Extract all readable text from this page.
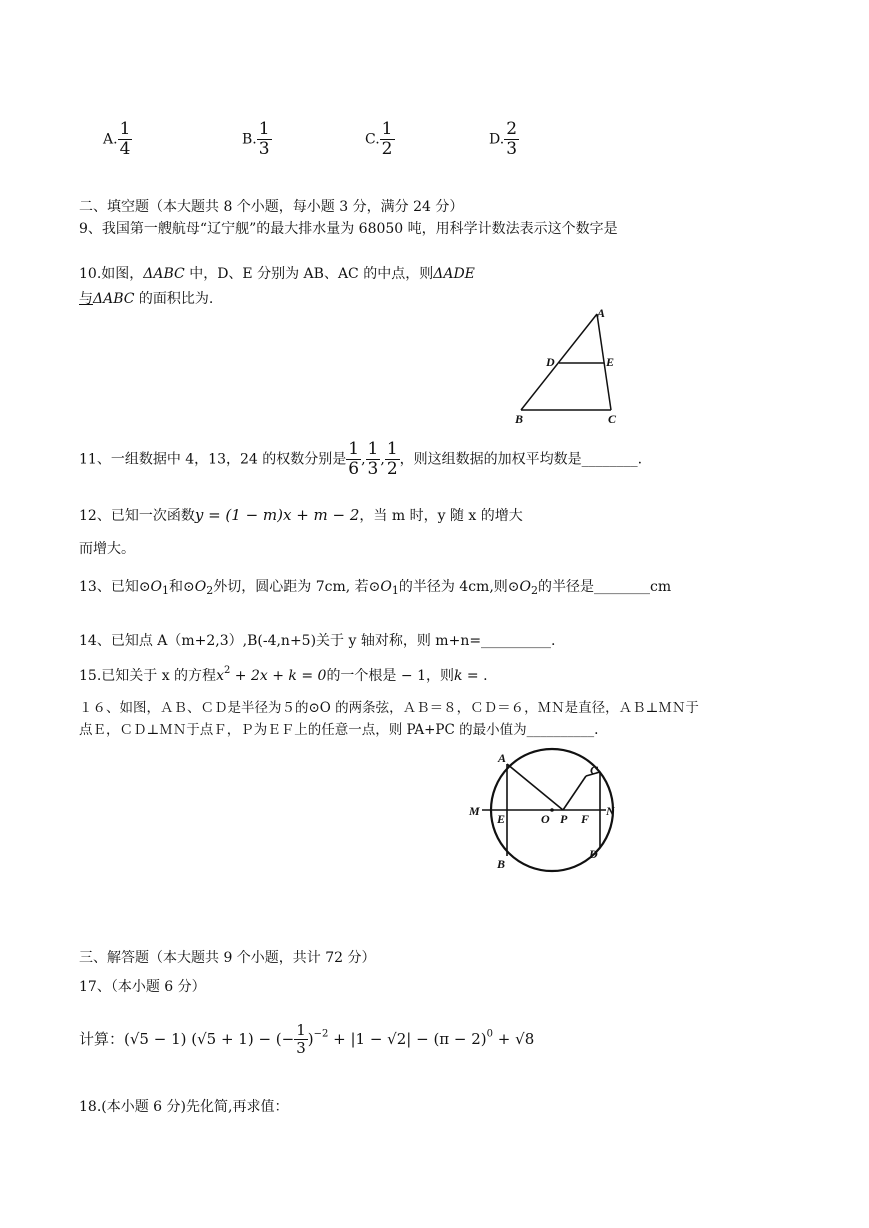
A. $\frac{1}{4}$	B. $\frac{1}{3}$	C. $\frac{1}{2}$	D. $\frac{2}{3}$
二、填空题（本大题共 8 个小题，每小题 3 分，满分 24 分）
9、我国第一艘航母“辽宁舰”的最大排水量为 68050 吨，用科学计数法表示这个数字是
10.如图，ΔABC 中，D、E 分别为 AB、AC 的中点，则ΔADE
与ΔABC 的面积比为.
A
D	E
B	C
11、一组数据中 4，13，24 的权数分别是 $\frac{1}{6}$ , $\frac{1}{3}$ , $\frac{1}{2}$ ，则这组数据的加权平均数是________.
12、已知一次函数y = (1 − m)x + m − 2，当 m 时，y 随 x 的增大
而增大。
13、已知$⊙O_1$和$⊙O_2$外切，圆心距为 7cm, 若$⊙O_1$的半径为 4cm,则$⊙O_2$的半径是________cm
14、已知点 A（m+2,3）,B(-4,n+5)关于 y 轴对称，则 m+n=__________.
15.已知关于 x 的方程$x^2 + 2x + k = 0$的一个根是 − 1，则k = .
１６、如图，ＡＢ、ＣＤ是半径为５的⊙O 的两条弦，ＡＢ＝８，ＣＤ＝６，ＭＮ是直径，ＡＢ⊥ＭＮ于
点Ｅ，ＣＤ⊥ＭＮ于点Ｆ，Ｐ为ＥＦ上的任意一点，则 PA+PC 的最小值为__________.
A
C
M	N
E	O P F
B
D
三、解答题（本大题共 9 个小题，共计 72 分）
17、（本小题 6 分）
计算：(√5 − 1) (√5 + 1) − (− $\frac{1}{3} )^{-2} + |1 - √2| - (\pi - 2)^0 + √8$
18.(本小题 6 分)先化简,再求值：
